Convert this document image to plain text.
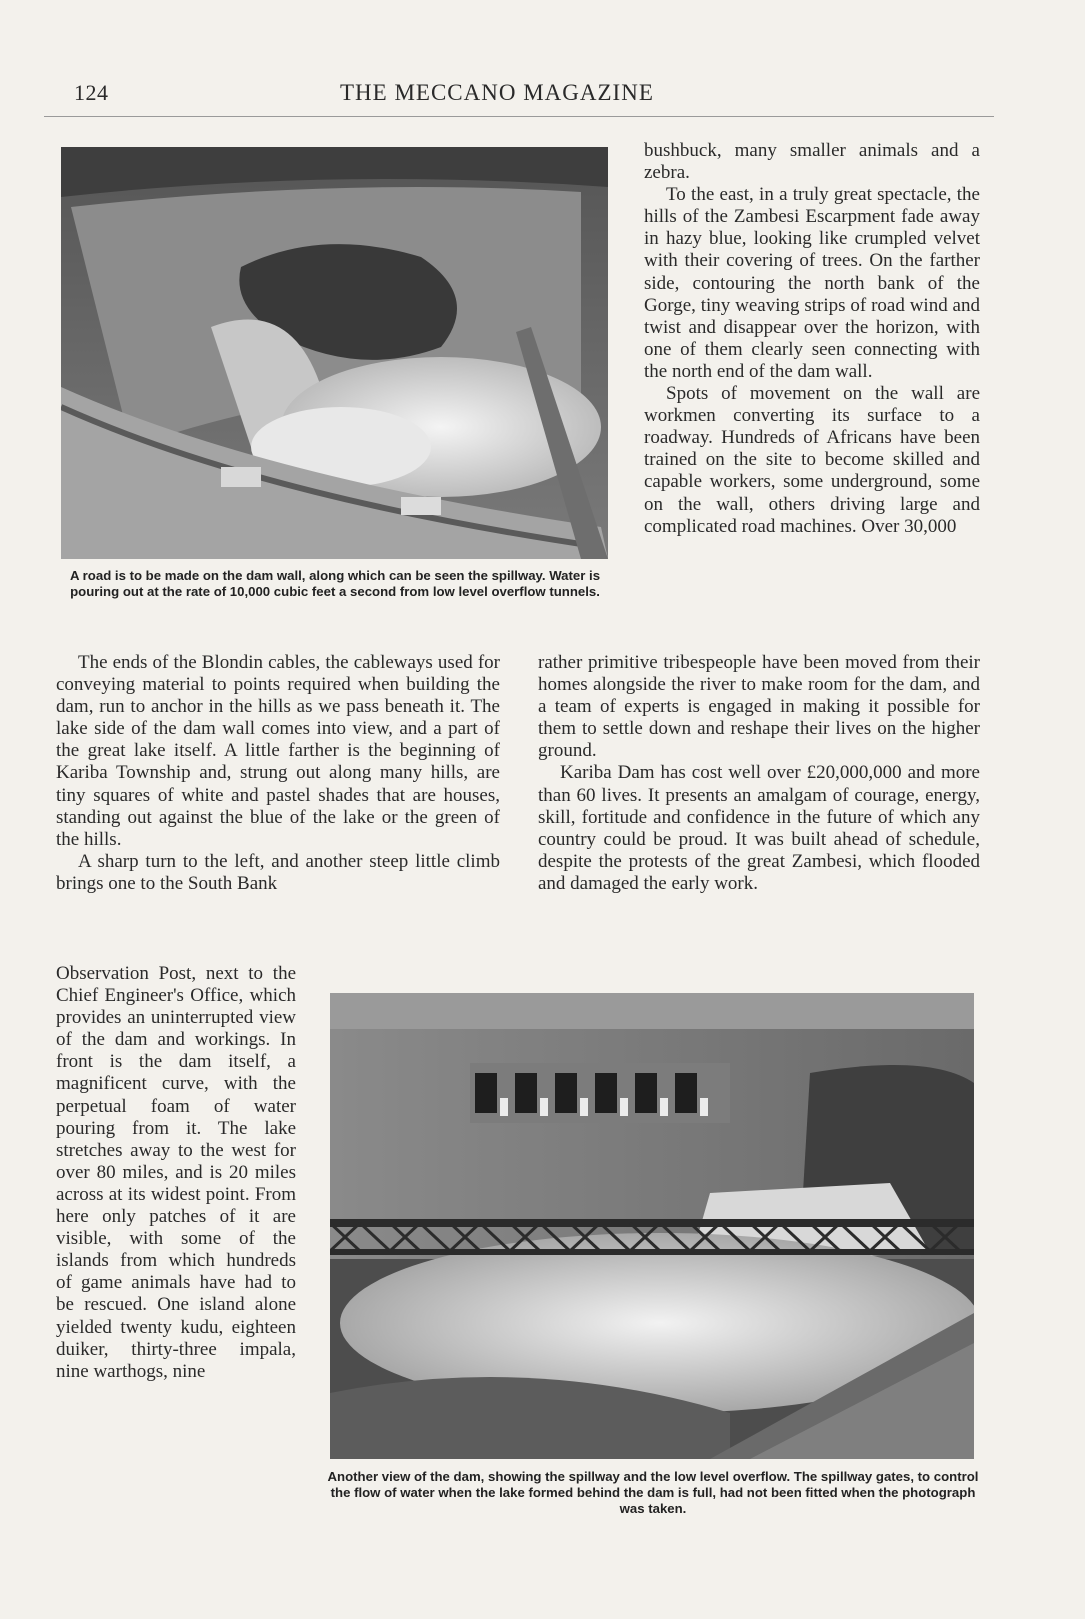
124	THE MECCANO MAGAZINE
A road is to be made on the dam wall, along which can be seen the spillway. Water is pouring out at the rate of 10,000 cubic feet a second from low level overflow tunnels.

bushbuck, many smaller animals and a zebra.

To the east, in a truly great spectacle, the hills of the Zambesi Escarpment fade away in hazy blue, looking like crumpled velvet with their covering of trees. On the farther side, contouring the north bank of the Gorge, tiny weaving strips of road wind and twist and disappear over the horizon, with one of them clearly seen connecting with the north end of the dam wall.

Spots of movement on the wall are workmen converting its surface to a roadway. Hundreds of Africans have been trained on the site to become skilled and capable workers, some underground, some on the wall, others driving large and complicated road machines. Over 30,000

The ends of the Blondin cables, the cableways used for conveying material to points required when building the dam, run to anchor in the hills as we pass beneath it. The lake side of the dam wall comes into view, and a part of the great lake itself. A little farther is the beginning of Kariba Township and, strung out along many hills, are tiny squares of white and pastel shades that are houses, standing out against the blue of the lake or the green of the hills.

A sharp turn to the left, and another steep little climb brings one to the South Bank

rather primitive tribespeople have been moved from their homes alongside the river to make room for the dam, and a team of experts is engaged in making it possible for them to settle down and reshape their lives on the higher ground.

Kariba Dam has cost well over £20,000,000 and more than 60 lives. It presents an amalgam of courage, energy, skill, fortitude and confidence in the future of which any country could be proud. It was built ahead of schedule, despite the protests of the great Zambesi, which flooded and damaged the early work.

Observation Post, next to the Chief Engineer's Office, which provides an uninterrupted view of the dam and workings. In front is the dam itself, a magnificent curve, with the perpetual foam of water pouring from it. The lake stretches away to the west for over 80 miles, and is 20 miles across at its widest point. From here only patches of it are visible, with some of the islands from which hundreds of game animals have had to be rescued. One island alone yielded twenty kudu, eighteen duiker, thirty-three impala, nine warthogs, nine

Another view of the dam, showing the spillway and the low level overflow. The spillway gates, to control the flow of water when the lake formed behind the dam is full, had not been fitted when the photograph was taken.
